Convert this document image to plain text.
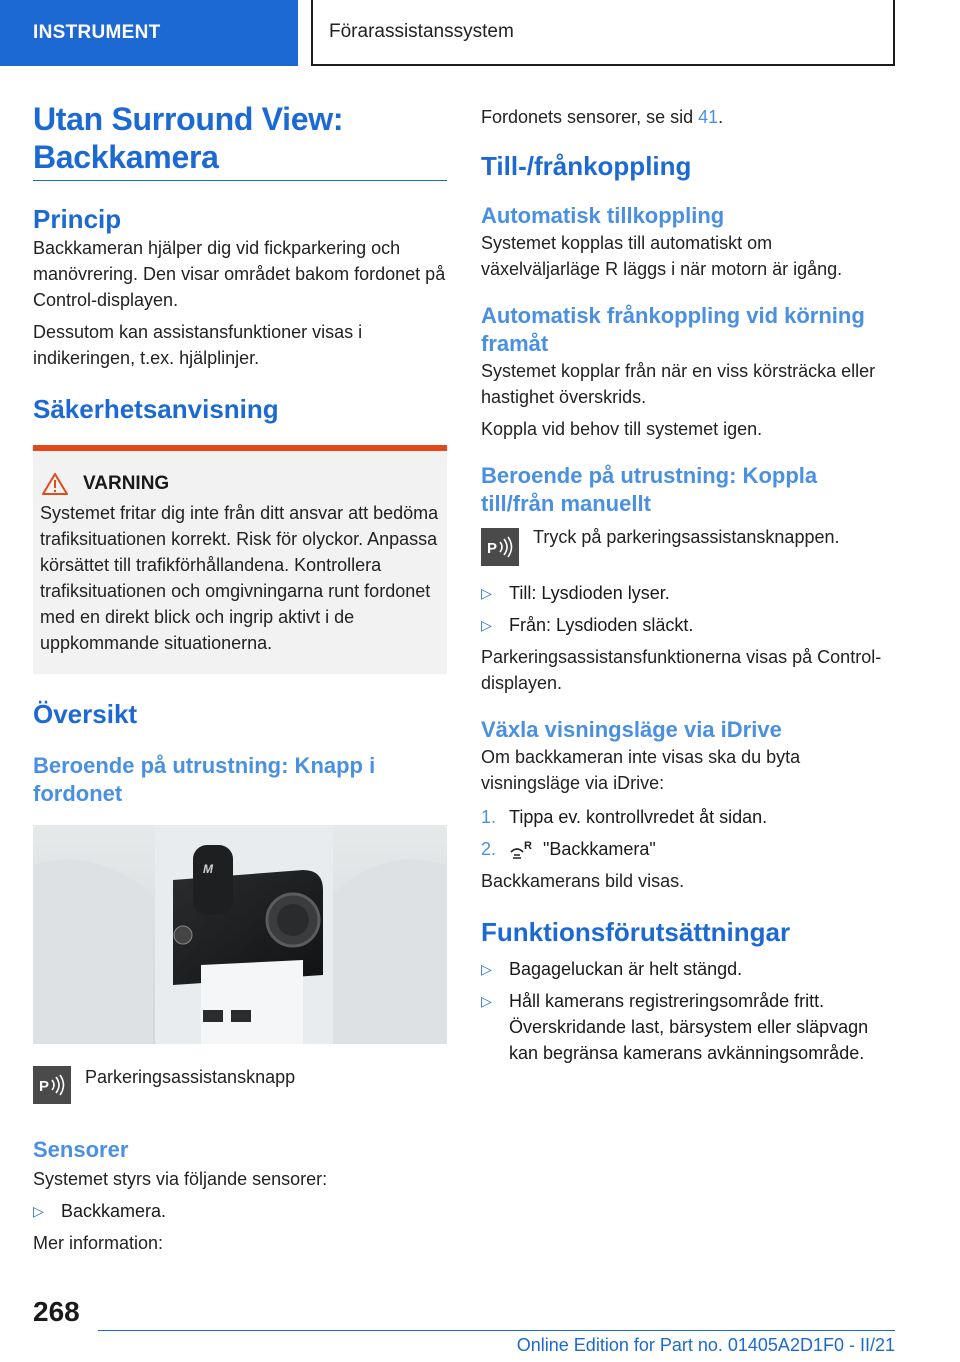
INSTRUMENT	Förarassistanssystem
Utan Surround View: Backkamera
Princip

Backkameran hjälper dig vid fickparkering och manövrering. Den visar området bakom fordonet på Control-displayen.

Dessutom kan assistansfunktioner visas i indikeringen, t.ex. hjälplinjer.

Säkerhetsanvisning
VARNING

Systemet fritar dig inte från ditt ansvar att bedöma trafiksituationen korrekt. Risk för olyckor. Anpassa körsättet till trafikförhållandena. Kontrollera trafiksituationen och omgivningarna runt fordonet med en direkt blick och ingrip aktivt i de uppkommande situationerna.

Översikt
Beroende på utrustning: Knapp i fordonet
M
P Parkeringsassistansknapp

Sensorer

Systemet styrs via följande sensorer:

▷ Backkamera.

Mer information:

Fordonets sensorer, se sid 41.

Till-/frånkoppling
Automatisk tillkoppling

Systemet kopplas till automatiskt om växelväljarläge R läggs i när motorn är igång.

Automatisk frånkoppling vid körning framåt

Systemet kopplar från när en viss körsträcka eller hastighet överskrids.

Koppla vid behov till systemet igen.

Beroende på utrustning: Koppla till/från manuellt
P

Tryck på parkeringsassistansknappen.

▷ Till: Lysdioden lyser.
▷ Från: Lysdioden släckt.

Parkeringsassistansfunktionerna visas på Control-displayen.

Växla visningsläge via iDrive

Om backkameran inte visas ska du byta visningsläge via iDrive:

1. Tippa ev. kontrollvredet åt sidan.
2.	R "Backkamera"

Backkamerans bild visas.

Funktionsförutsättningar
▷ Bagageluckan är helt stängd.
▷ Håll kamerans registreringsområde fritt. Överskridande last, bärsystem eller släpvagn kan begränsa kamerans avkänningsområde.
268
Online Edition for Part no. 01405A2D1F0 - II/21
